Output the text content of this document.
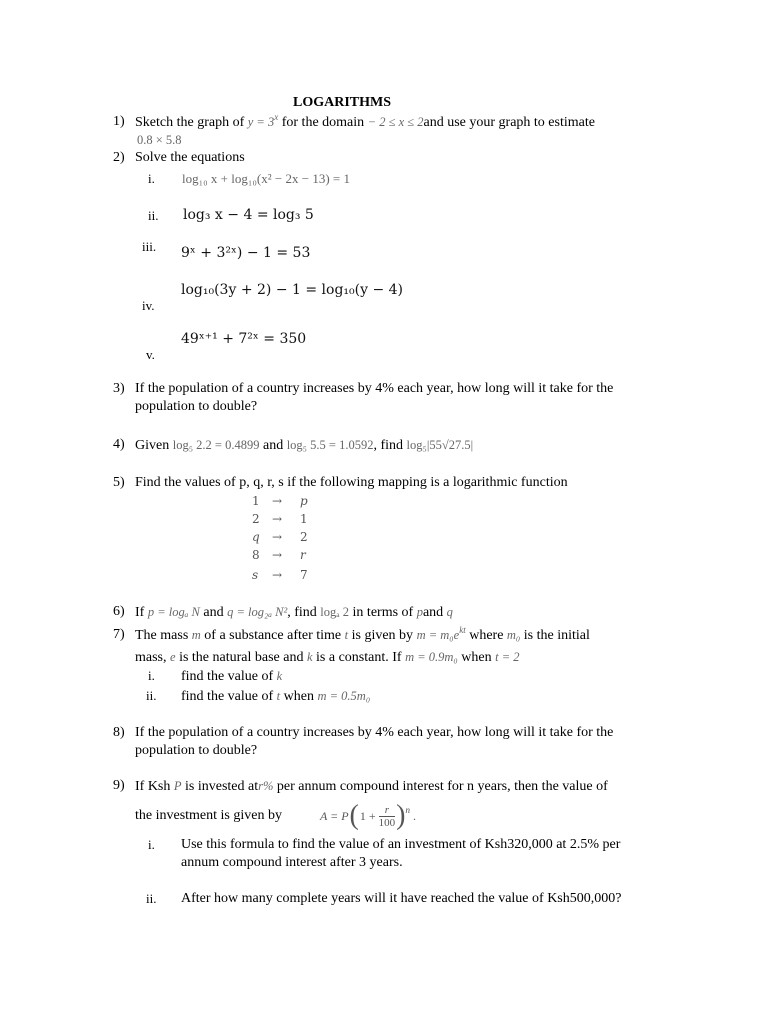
LOGARITHMS
1) Sketch the graph of $y = 3^x$ for the domain − 2 ≤ x ≤ 2and use your graph to estimate
0.8 × 5.8
2) Solve the equations
i. log₁₀ x + log₁₀(x² − 2x − 13) = 1
ii. log₃ x − 4 = log₃ 5
iii. 9ˣ + 3²ˣ) − 1 = 53
log₁₀(3y + 2) − 1 = log₁₀(y − 4)
iv.
49ˣ⁺¹ + 7²ˣ = 350
v.
3) If the population of a country increases by 4% each year, how long will it take for the
population to double?
4) Given log₅ 2.2 = 0.4899 and log₅ 5.5 = 1.0592, find log₅|55√27.5|
5) Find the values of p, q, r, s if the following mapping is a logarithmic function
1 → p
2 → 1
q → 2
8 → r
s → 7
6) If p = logₐ N and q = log₂ₐ N², find logₐ 2 in terms of pand q
7) The mass m of a substance after time t is given by $m = m_0e^{kt}$ where m₀ is the initial
mass, e is the natural base and k is a constant. If m = 0.9m₀ when t = 2
i. find the value of k
ii. find the value of t when m = 0.5m₀
8) If the population of a country increases by 4% each year, how long will it take for the
population to double?
9) If Ksh P is invested atr% per annum compound interest for n years, then the value of
the investment is given by	A = P ( $1 + \frac{r}{100}$ ) n .
i. Use this formula to find the value of an investment of Ksh320,000 at 2.5% per
annum compound interest after 3 years.
ii. After how many complete years will it have reached the value of Ksh500,000?
